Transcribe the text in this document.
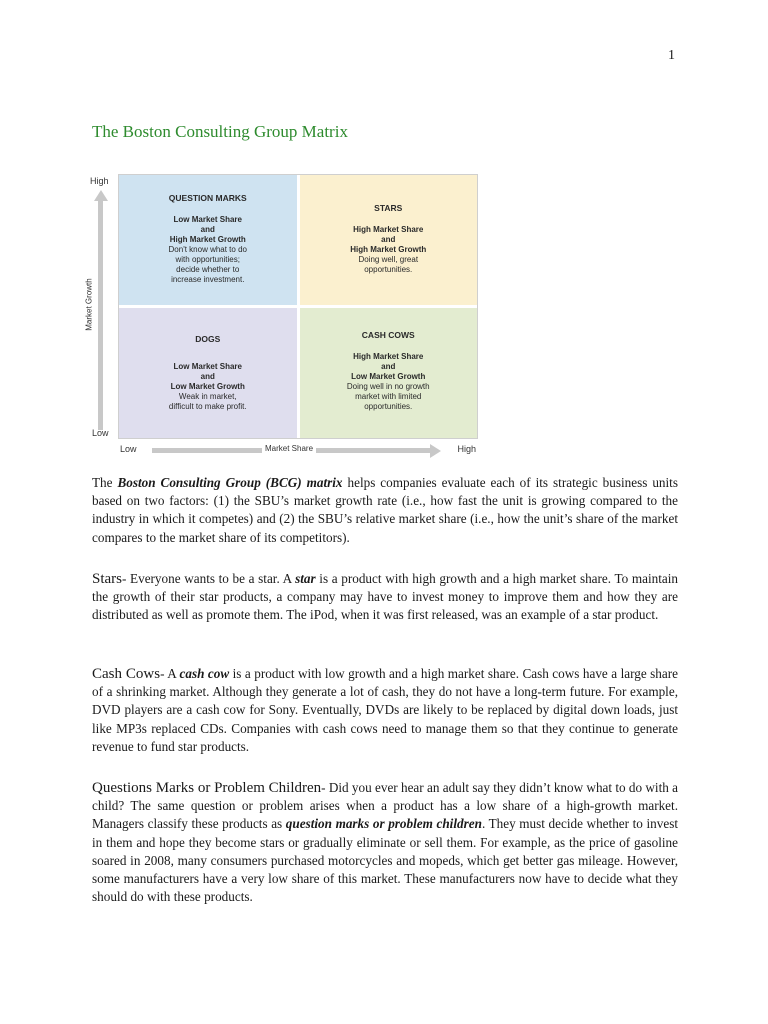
1
The Boston Consulting Group Matrix
High
Market Growth
Low
QUESTION MARKS
Low Market Share
and
High Market Growth
Don't know what to do
with opportunities;
decide whether to
increase investment.
STARS
High Market Share
and
High Market Growth
Doing well, great
opportunities.
DOGS
Low Market Share
and
Low Market Growth
Weak in market,
difficult to make profit.
CASH COWS
High Market Share
and
Low Market Growth
Doing well in no growth
market with limited
opportunities.
Low	Market Share	High

The Boston Consulting Group (BCG) matrix helps companies evaluate each of its strategic business units based on two factors: (1) the SBU’s market growth rate (i.e., how fast the unit is growing compared to the industry in which it competes) and (2) the SBU’s relative market share (i.e., how the unit’s share of the market compares to the market share of its competitors).

Stars- Everyone wants to be a star. A star is a product with high growth and a high market share. To maintain the growth of their star products, a company may have to invest money to improve them and how they are distributed as well as promote them. The iPod, when it was first released, was an example of a star product.

Cash Cows- A cash cow is a product with low growth and a high market share. Cash cows have a large share of a shrinking market. Although they generate a lot of cash, they do not have a long-term future. For example, DVD players are a cash cow for Sony. Eventually, DVDs are likely to be replaced by digital down loads, just like MP3s replaced CDs. Companies with cash cows need to manage them so that they continue to generate revenue to fund star products.

Questions Marks or Problem Children- Did you ever hear an adult say they didn’t know what to do with a child? The same question or problem arises when a product has a low share of a high-growth market. Managers classify these products as question marks or problem children. They must decide whether to invest in them and hope they become stars or gradually eliminate or sell them. For example, as the price of gasoline soared in 2008, many consumers purchased motorcycles and mopeds, which get better gas mileage. However, some manufacturers have a very low share of this market. These manufacturers now have to decide what they should do with these products.
